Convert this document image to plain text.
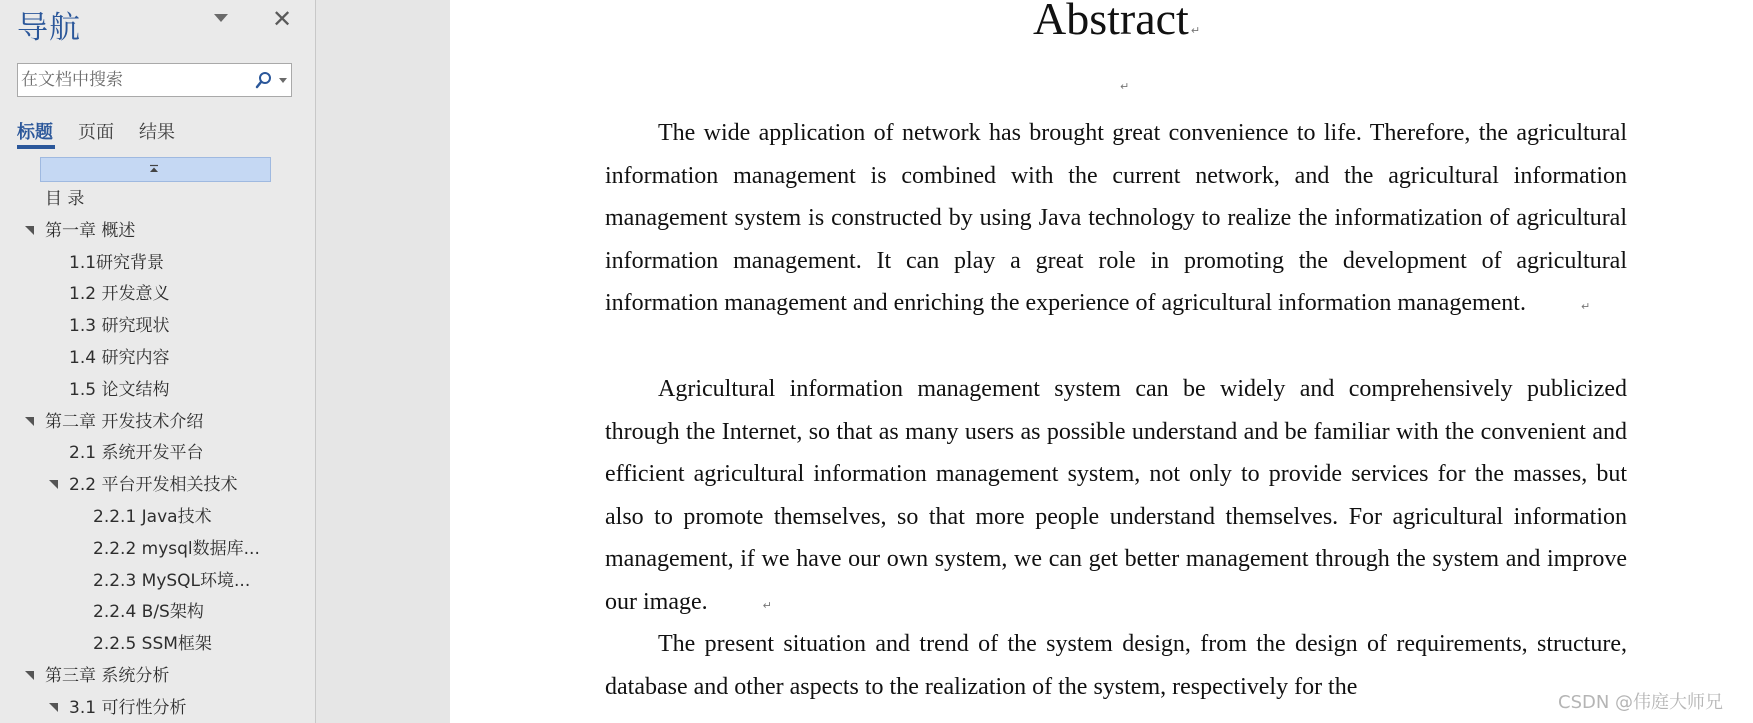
导航	✕
在文档中搜索
标题 页面 结果
目 录
第一章 概述
1.1研究背景
1.2 开发意义
1.3 研究现状
1.4 研究内容
1.5 论文结构
第二章 开发技术介绍
2.1 系统开发平台
2.2 平台开发相关技术
2.2.1 Java技术
2.2.2 mysql数据库...
2.2.3 MySQL环境...
2.2.4 B/S架构
2.2.5 SSM框架
第三章 系统分析
3.1 可行性分析
Abstract ↵
↵

The wide application of network has brought great convenience to life. Therefore, the agricultural information management is combined with the current network, and the agricultural information management system is constructed by using Java technology to realize the informatization of agricultural information management. It can play a great role in promoting the development of agricultural information management and enriching the experience of agricultural information management.	↵

Agricultural information management system can be widely and comprehensively publicized through the Internet, so that as many users as possible understand and be familiar with the convenient and efficient agricultural information management system, not only to provide services for the masses, but also to promote themselves, so that more people understand themselves. For agricultural information management, if we have our own system, we can get better management through the system and improve our image.	↵

The present situation and trend of the system design, from the design of requirements, structure, database and other aspects to the realization of the system, respectively for the

CSDN @伟庭大师兄
